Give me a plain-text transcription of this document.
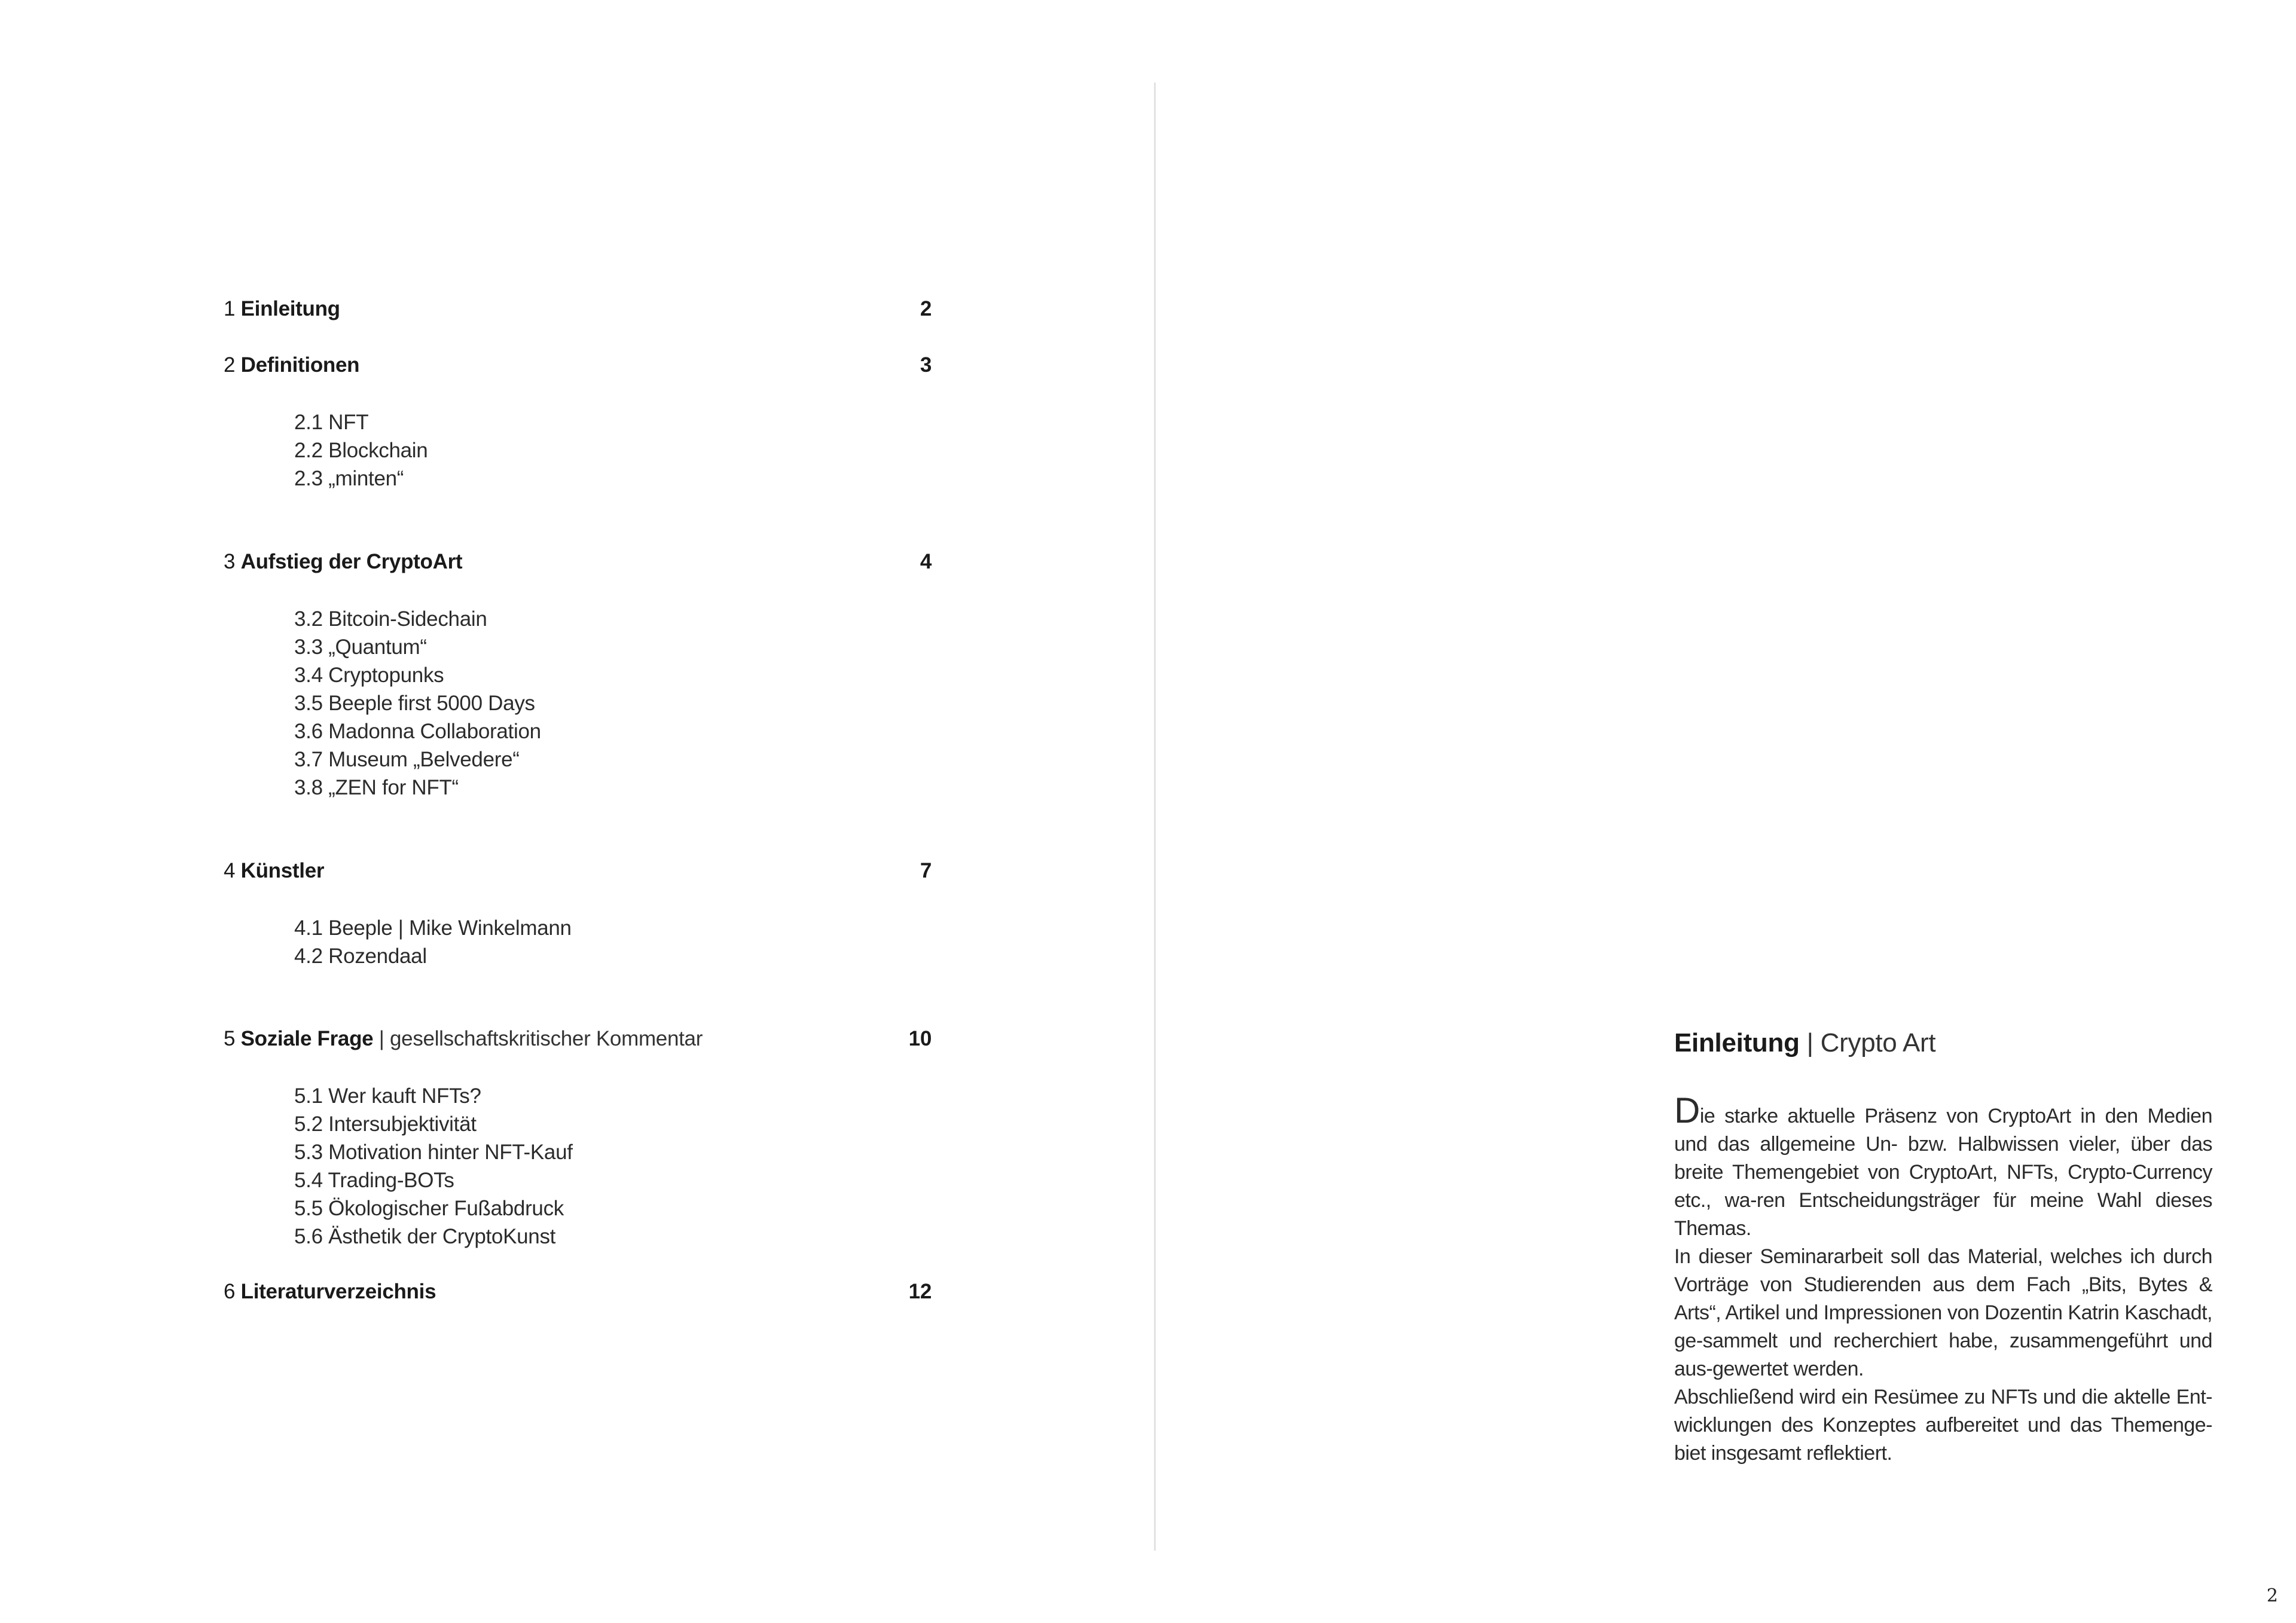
1 Einleitung	2
2 Definitionen	3
2.1 NFT
2.2 Blockchain
2.3 „minten“
3 Aufstieg der CryptoArt	4
3.2 Bitcoin-Sidechain
3.3 „Quantum“
3.4 Cryptopunks
3.5 Beeple first 5000 Days
3.6 Madonna Collaboration
3.7 Museum „Belvedere“
3.8 „ZEN for NFT“
4 Künstler	7
4.1 Beeple | Mike Winkelmann
4.2 Rozendaal
5 Soziale Frage | gesellschaftskritischer Kommentar	10
5.1 Wer kauft NFTs?
5.2 Intersubjektivität
5.3 Motivation hinter NFT-Kauf
5.4 Trading-BOTs
5.5 Ökologischer Fußabdruck
5.6 Ästhetik der CryptoKunst
6 Literaturverzeichnis	12
Einleitung | Crypto Art

Die starke aktuelle Präsenz von CryptoArt in den Medien und das allgemeine Un- bzw. Halbwissen vieler, über das breite Themengebiet von CryptoArt, NFTs, Crypto-Currency etc., wa-ren Entscheidungsträger für meine Wahl dieses Themas.

In dieser Seminararbeit soll das Material, welches ich durch Vorträge von Studierenden aus dem Fach „Bits, Bytes & Arts“, Artikel und Impressionen von Dozentin Katrin Kaschadt, ge-sammelt und recherchiert habe, zusammengeführt und aus-gewertet werden.

Abschließend wird ein Resümee zu NFTs und die aktelle Ent-wicklungen des Konzeptes aufbereitet und das Themenge-biet insgesamt reflektiert.

2
